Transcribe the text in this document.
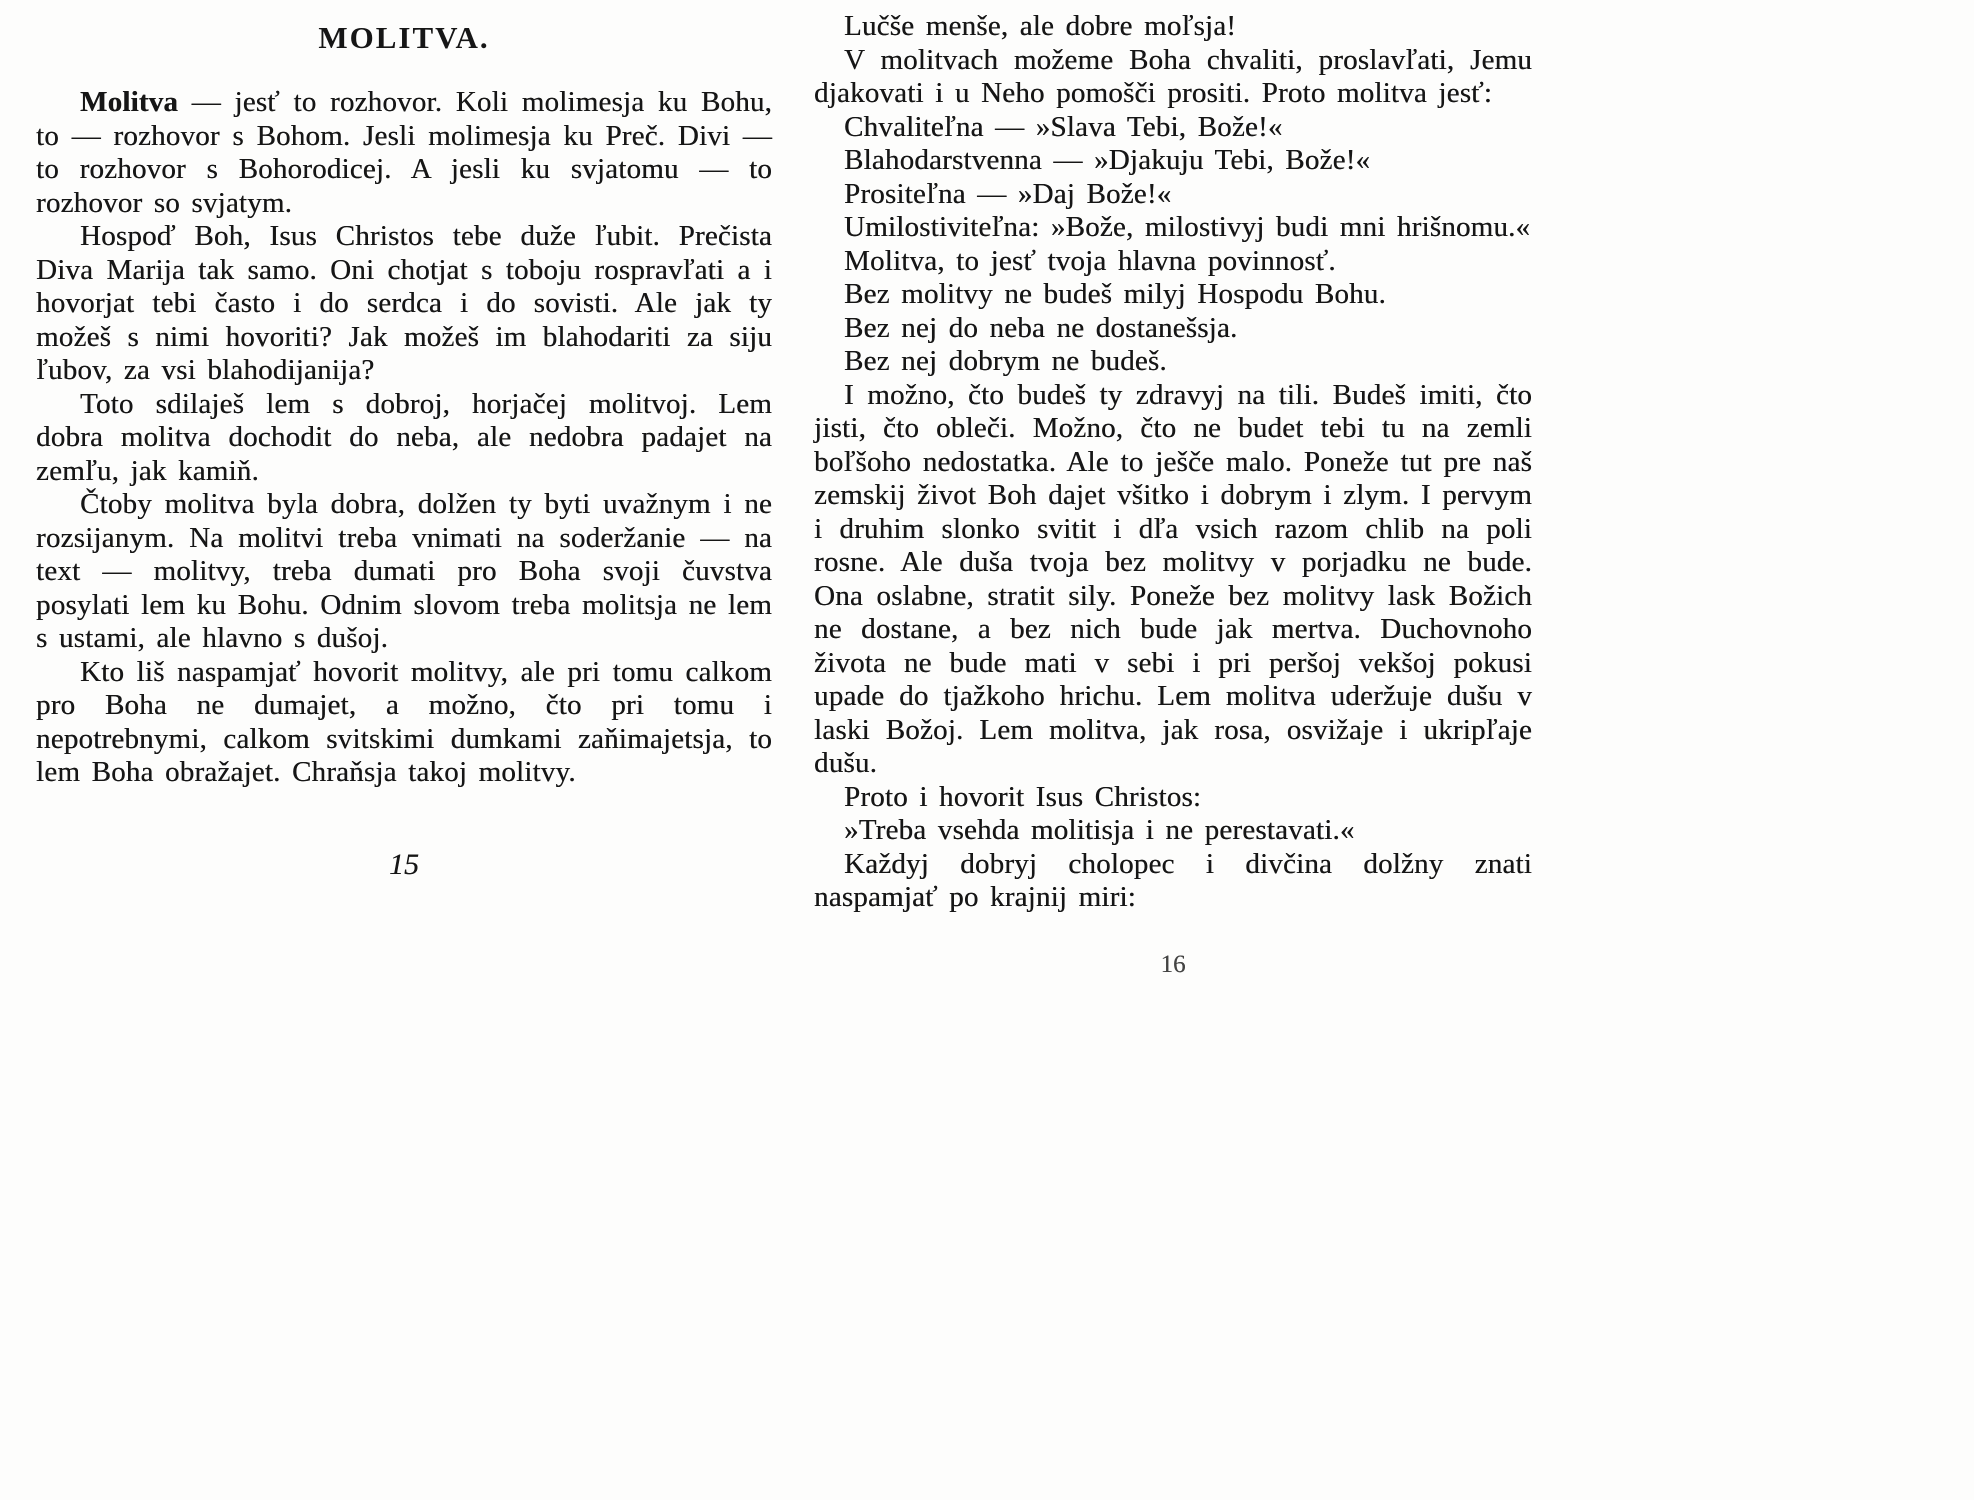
MOLITVA.

Molitva — jesť to rozhovor. Koli molimesja ku Bohu, to — rozhovor s Bohom. Jesli molimesja ku Preč. Divi — to rozhovor s Bohorodicej. A jesli ku svjatomu — to rozhovor so svjatym.

Hospoď Boh, Isus Christos tebe duže ľubit. Prečista Diva Marija tak samo. Oni chotjat s toboju rospravľati a i hovorjat tebi často i do serdca i do sovisti. Ale jak ty možeš s nimi hovoriti? Jak možeš im blahodariti za siju ľubov, za vsi blahodijanija?

Toto sdilaješ lem s dobroj, horjačej molitvoj. Lem dobra molitva dochodit do neba, ale nedobra padajet na zemľu, jak kamiň.

Čtoby molitva byla dobra, dolžen ty byti uvažnym i ne rozsijanym. Na molitvi treba vnimati na soderžanie — na text — molitvy, treba dumati pro Boha svoji čuvstva posylati lem ku Bohu. Odnim slovom treba molitsja ne lem s ustami, ale hlavno s dušoj.

Kto liš naspamjať hovorit molitvy, ale pri tomu calkom pro Boha ne dumajet, a možno, čto pri tomu i nepotrebnymi, calkom svitskimi dumkami zaňimajetsja, to lem Boha obražajet. Chraňsja takoj molitvy.

15

Lučše menše, ale dobre moľsja!

V molitvach možeme Boha chvaliti, proslavľati, Jemu djakovati i u Neho pomošči prositi. Proto molitva jesť:

Chvaliteľna — »Slava Tebi, Bože!«

Blahodarstvenna — »Djakuju Tebi, Bože!«

Prositeľna — »Daj Bože!«

Umilostiviteľna: »Bože, milostivyj budi mni hrišnomu.«

Molitva, to jesť tvoja hlavna povinnosť.

Bez molitvy ne budeš milyj Hospodu Bohu.

Bez nej do neba ne dostanešsja.

Bez nej dobrym ne budeš.

I možno, čto budeš ty zdravyj na tili. Budeš imiti, čto jisti, čto obleči. Možno, čto ne budet tebi tu na zemli boľšoho nedostatka. Ale to ješče malo. Poneže tut pre naš zemskij život Boh dajet všitko i dobrym i zlym. I pervym i druhim slonko svitit i dľa vsich razom chlib na poli rosne. Ale duša tvoja bez molitvy v porjadku ne bude. Ona oslabne, stratit sily. Poneže bez molitvy lask Božich ne dostane, a bez nich bude jak mertva. Duchovnoho života ne bude mati v sebi i pri peršoj vekšoj pokusi upade do tjažkoho hrichu. Lem molitva uderžuje dušu v laski Božoj. Lem molitva, jak rosa, osvižaje i ukripľaje dušu.

Proto i hovorit Isus Christos:

»Treba vsehda molitisja i ne perestavati.«

Každyj dobryj cholopec i divčina dolžny znati naspamjať po krajnij miri:

16
